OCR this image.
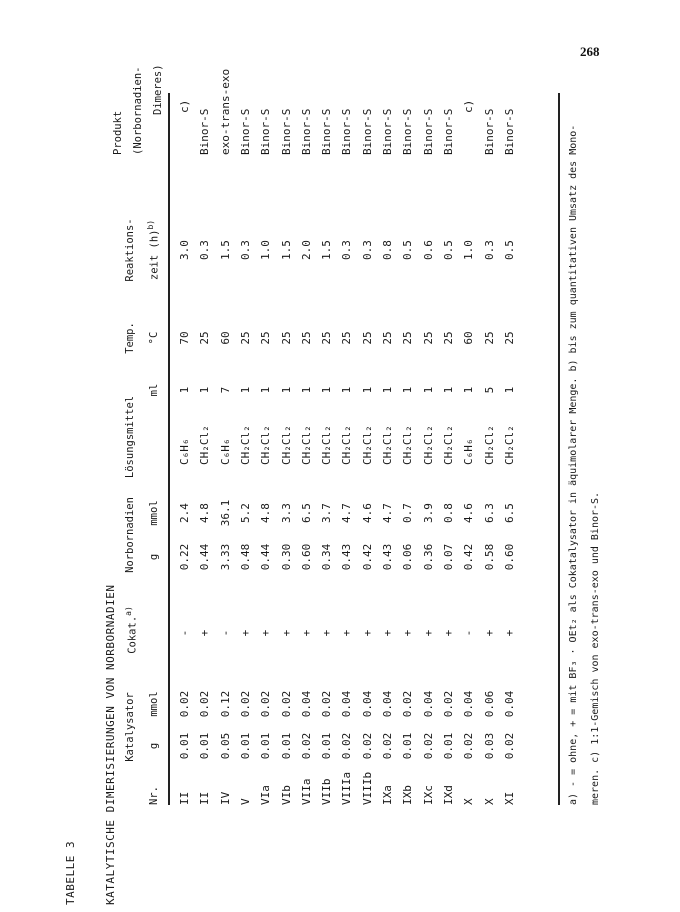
268
TABELLE 3 KATALYTISCHE DIMERISIERUNGEN VON NORBORNADIEN	Nr.
Katalysator g
mmol
Cokat.$^{a)}$
Norbornadien g
mmol
Lösungsmittel
ml
Temp. °C
Reaktions- zeit $(h)^{b)}$
Produkt (Norbornadien- Dimeres)
II
0.01
0.02
-
0.22
2.4
C₆H₆
1
70
3.0
c)
II
0.01
0.02
+
0.44
4.8
CH₂Cl₂
1
25
0.3
Binor-S
IV
0.05
0.12
-
3.33
36.1
C₆H₆
7
60
1.5
exo-trans-exo
V
0.01
0.02
+
0.48
5.2
CH₂Cl₂
1
25
0.3
Binor-S
VIa
0.01
0.02
+
0.44
4.8
CH₂Cl₂
1
25
1.0
Binor-S
VIb
0.01
0.02
+
0.30
3.3
CH₂Cl₂
1
25
1.5
Binor-S
VIIa
0.02
0.04
+
0.60
6.5
CH₂Cl₂
1
25
2.0
Binor-S
VIIb
0.01
0.02
+
0.34
3.7
CH₂Cl₂
1
25
1.5
Binor-S
VIIIa
0.02
0.04
+
0.43
4.7
CH₂Cl₂
1
25
0.3
Binor-S
VIIIb
0.02
0.04
+
0.42
4.6
CH₂Cl₂
1
25
0.3
Binor-S
IXa
0.02
0.04
+
0.43
4.7
CH₂Cl₂
1
25
0.8
Binor-S
IXb
0.01
0.02
+
0.06
0.7
CH₂Cl₂
1
25
0.5
Binor-S
IXc
0.02
0.04
+
0.36
3.9
CH₂Cl₂
1
25
0.6
Binor-S
IXd
0.01
0.02
+
0.07
0.8
CH₂Cl₂
1
25
0.5
Binor-S
X
0.02
0.04
-
0.42
4.6
C₆H₆
1
60
1.0
c)
X
0.03
0.06
+
0.58
6.3
CH₂Cl₂
5
25
0.3
Binor-S
XI
0.02
0.04
+
0.60
6.5
CH₂Cl₂
1
25
0.5
Binor-S	a) - = ohne, + = mit BF₃ · OEt₂ als Cokatalysator in äquimolarer Menge. b) bis zum quantitativen Umsatz des Mono- meren. c) 1:1-Gemisch von exo-trans-exo und Binor-S.
